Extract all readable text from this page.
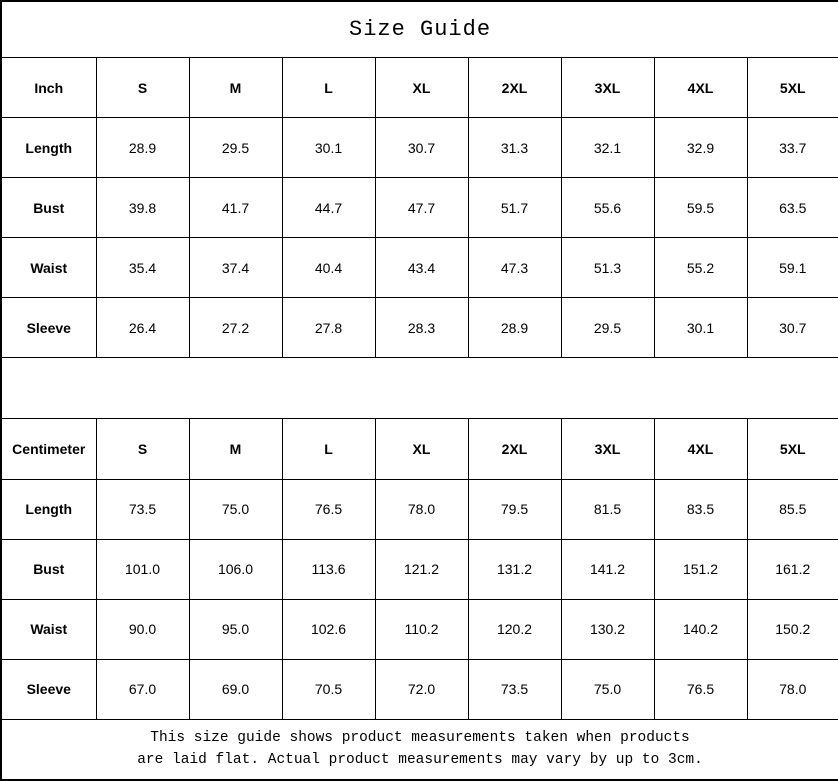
Size Guide								
Inch	S	M	L	XL	2XL	3XL	4XL	5XL
Length	28.9	29.5	30.1	30.7	31.3	32.1	32.9	33.7
Bust	39.8	41.7	44.7	47.7	51.7	55.6	59.5	63.5
Waist	35.4	37.4	40.4	43.4	47.3	51.3	55.2	59.1
Sleeve	26.4	27.2	27.8	28.3	28.9	29.5	30.1	30.7

Centimeter	S	M	L	XL	2XL	3XL	4XL	5XL
Length	73.5	75.0	76.5	78.0	79.5	81.5	83.5	85.5
Bust	101.0	106.0	113.6	121.2	131.2	141.2	151.2	161.2
Waist	90.0	95.0	102.6	110.2	120.2	130.2	140.2	150.2
Sleeve	67.0	69.0	70.5	72.0	73.5	75.0	76.5	78.0

This size guide shows product measurements taken when products
are laid flat. Actual product measurements may vary by up to 3cm.								
